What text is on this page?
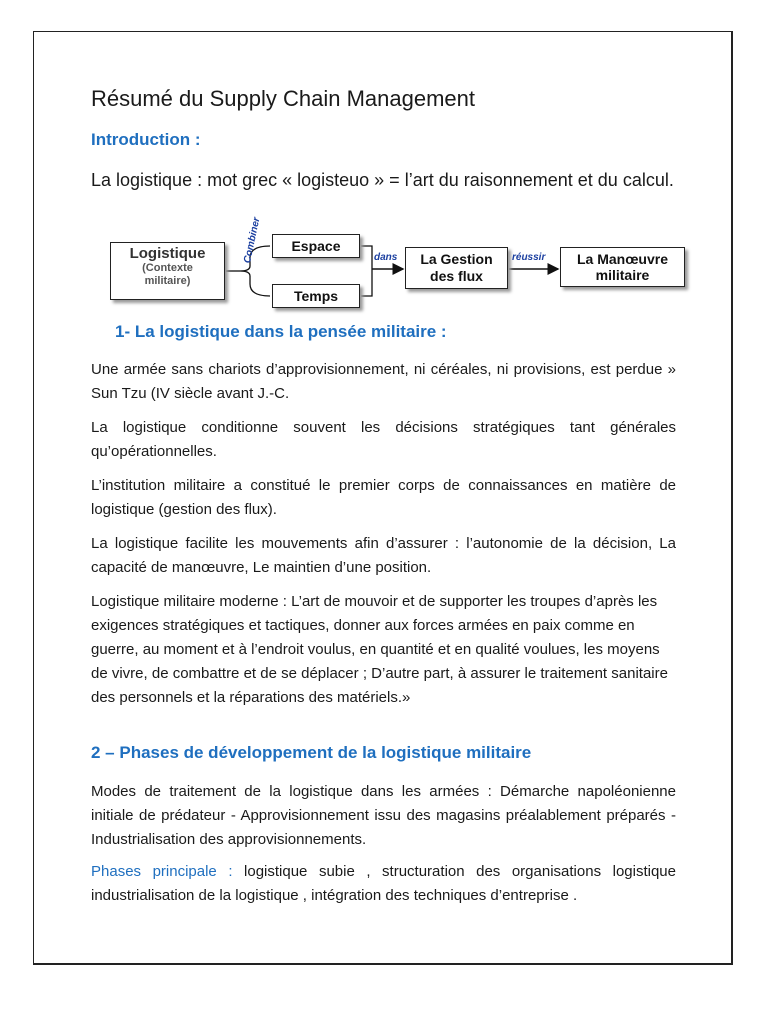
Résumé du Supply Chain Management
Introduction :
La logistique : mot grec « logisteuo » = l’art du raisonnement et du calcul.
Logistique
(Contexte
militaire)
Combiner	Espace
Temps
dans	La Gestion
des flux
réussir	La Manœuvre
militaire
1- La logistique dans la pensée militaire :
Une armée sans chariots d’approvisionnement, ni céréales, ni provisions, est perdue » Sun Tzu (IV siècle avant J.-C.
La logistique conditionne souvent les décisions stratégiques tant générales qu’opérationnelles.
L’institution militaire a constitué le premier corps de connaissances en matière de logistique (gestion des flux).
La logistique facilite les mouvements afin d’assurer : l’autonomie de la décision, La capacité de manœuvre, Le maintien d’une position.
Logistique militaire moderne : L’art de mouvoir et de supporter les troupes d’après les exigences stratégiques et tactiques, donner aux forces armées en paix comme en guerre, au moment et à l’endroit voulus, en quantité et en qualité voulues, les moyens de vivre, de combattre et de se déplacer ; D’autre part, à assurer le traitement sanitaire des personnels et la réparations des matériels.»
2 – Phases de développement de la logistique militaire
Modes de traitement de la logistique dans les armées : Démarche napoléonienne initiale de prédateur - Approvisionnement issu des magasins préalablement préparés - Industrialisation des approvisionnements.
Phases principale : logistique subie , structuration des organisations logistique industrialisation de la logistique , intégration des techniques d’entreprise .
